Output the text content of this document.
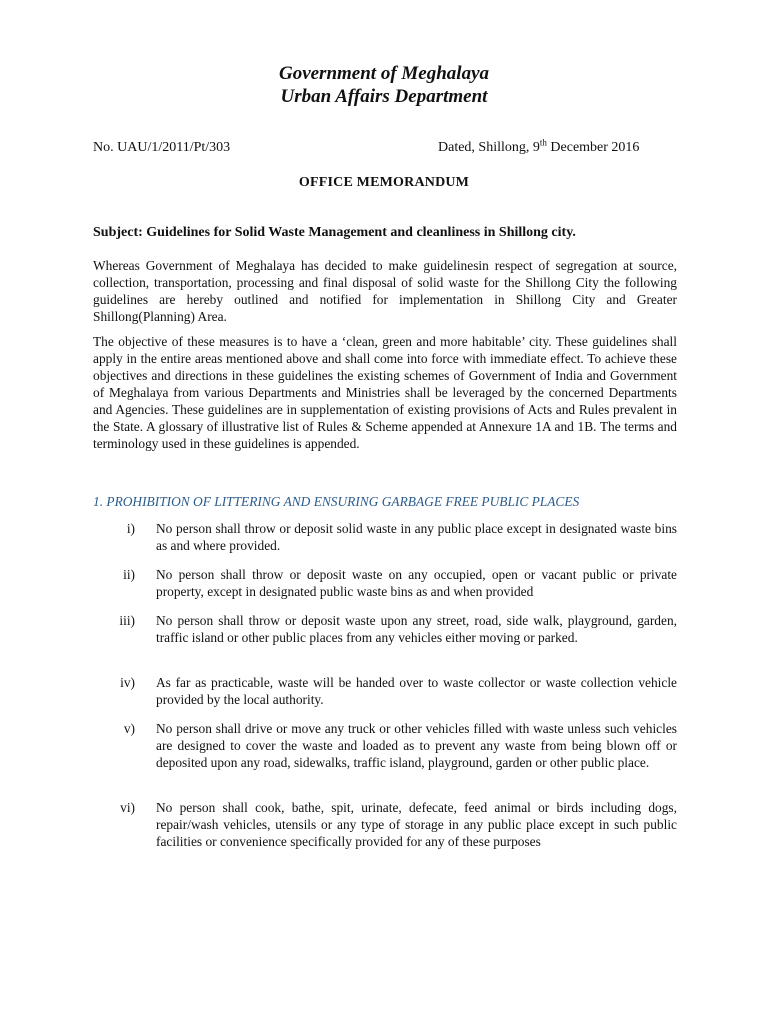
Government of Meghalaya
Urban Affairs Department
No. UAU/1/2011/Pt/303	Dated, Shillong, 9th December 2016
OFFICE MEMORANDUM
Subject: Guidelines for Solid Waste Management and cleanliness in Shillong city.

Whereas Government of Meghalaya has decided to make guidelinesin respect of segregation at source, collection, transportation, processing and final disposal of solid waste for the Shillong City the following guidelines are hereby outlined and notified for implementation in Shillong City and Greater Shillong(Planning) Area.

The objective of these measures is to have a ‘clean, green and more habitable’ city. These guidelines shall apply in the entire areas mentioned above and shall come into force with immediate effect. To achieve these objectives and directions in these guidelines the existing schemes of Government of India and Government of Meghalaya from various Departments and Ministries shall be leveraged by the concerned Departments and Agencies. These guidelines are in supplementation of existing provisions of Acts and Rules prevalent in the State. A glossary of illustrative list of Rules & Scheme appended at Annexure 1A and 1B. The terms and terminology used in these guidelines is appended.

1. PROHIBITION OF LITTERING AND ENSURING GARBAGE FREE PUBLIC PLACES
i) No person shall throw or deposit solid waste in any public place except in designated waste bins as and where provided.

ii) No person shall throw or deposit waste on any occupied, open or vacant public or private property, except in designated public waste bins as and when provided

iii) No person shall throw or deposit waste upon any street, road, side walk, playground, garden, traffic island or other public places from any vehicles either moving or parked.

iv) As far as practicable, waste will be handed over to waste collector or waste collection vehicle provided by the local authority.

v) No person shall drive or move any truck or other vehicles filled with waste unless such vehicles are designed to cover the waste and loaded as to prevent any waste from being blown off or deposited upon any road, sidewalks, traffic island, playground, garden or other public place.

vi) No person shall cook, bathe, spit, urinate, defecate, feed animal or birds including dogs, repair/wash vehicles, utensils or any type of storage in any public place except in such public facilities or convenience specifically provided for any of these purposes
